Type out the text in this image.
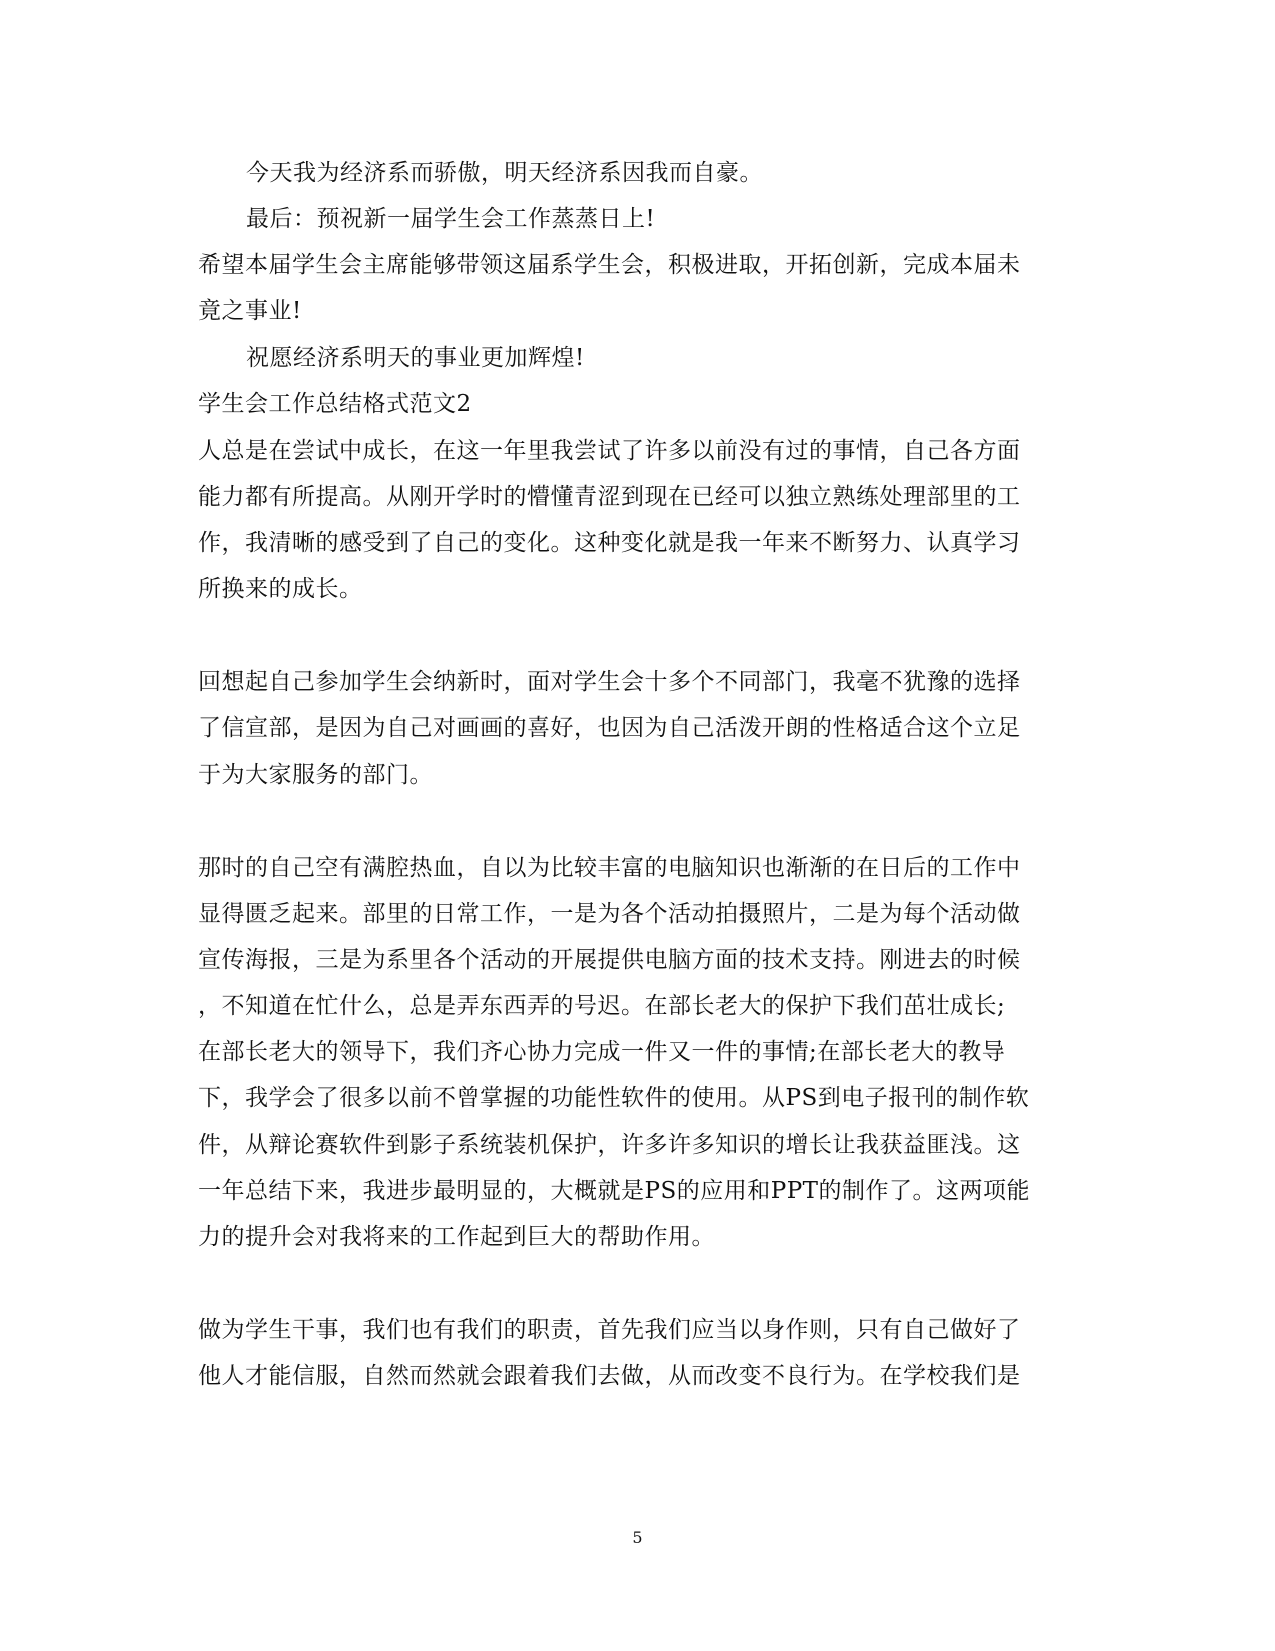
今天我为经济系而骄傲，明天经济系因我而自豪。
最后：预祝新一届学生会工作蒸蒸日上!
希望本届学生会主席能够带领这届系学生会，积极进取，开拓创新，完成本届未
竟之事业!
祝愿经济系明天的事业更加辉煌!
学生会工作总结格式范文2
人总是在尝试中成长，在这一年里我尝试了许多以前没有过的事情，自己各方面
能力都有所提高。从刚开学时的懵懂青涩到现在已经可以独立熟练处理部里的工
作，我清晰的感受到了自己的变化。这种变化就是我一年来不断努力、认真学习
所换来的成长。
回想起自己参加学生会纳新时，面对学生会十多个不同部门，我毫不犹豫的选择
了信宣部，是因为自己对画画的喜好，也因为自己活泼开朗的性格适合这个立足
于为大家服务的部门。
那时的自己空有满腔热血，自以为比较丰富的电脑知识也渐渐的在日后的工作中
显得匮乏起来。部里的日常工作，一是为各个活动拍摄照片，二是为每个活动做
宣传海报，三是为系里各个活动的开展提供电脑方面的技术支持。刚进去的时候
，不知道在忙什么，总是弄东西弄的号迟。在部长老大的保护下我们茁壮成长;
在部长老大的领导下，我们齐心协力完成一件又一件的事情;在部长老大的教导
下，我学会了很多以前不曾掌握的功能性软件的使用。从PS到电子报刊的制作软
件，从辩论赛软件到影子系统装机保护，许多许多知识的增长让我获益匪浅。这
一年总结下来，我进步最明显的，大概就是PS的应用和PPT的制作了。这两项能
力的提升会对我将来的工作起到巨大的帮助作用。
做为学生干事，我们也有我们的职责，首先我们应当以身作则，只有自己做好了
他人才能信服，自然而然就会跟着我们去做，从而改变不良行为。在学校我们是
5
